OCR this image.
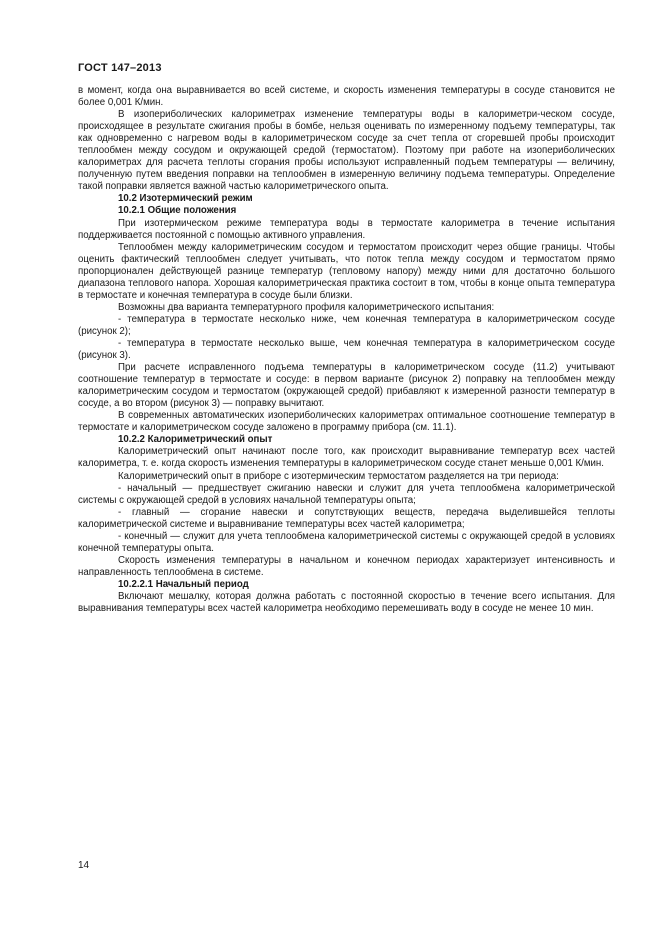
ГОСТ 147–2013

в момент, когда она выравнивается во всей системе, и скорость изменения температуры в сосуде становится не более 0,001 К/мин.

В изопериболических калориметрах изменение температуры воды в калориметри-ческом сосуде, происходящее в результате сжигания пробы в бомбе, нельзя оценивать по измеренному подъему температуры, так как одновременно с нагревом воды в калориметрическом сосуде за счет тепла от сгоревшей пробы происходит теплообмен между сосудом и окружающей средой (термостатом). Поэтому при работе на изопериболических калориметрах для расчета теплоты сгорания пробы используют исправленный подъем температуры — величину, полученную путем введения поправки на теплообмен в измеренную величину подъема температуры. Определение такой поправки является важной частью калориметрического опыта.

10.2 Изотермический режим
10.2.1 Общие положения

При изотермическом режиме температура воды в термостате калориметра в течение испытания поддерживается постоянной с помощью активного управления.

Теплообмен между калориметрическим сосудом и термостатом происходит через общие границы. Чтобы оценить фактический теплообмен следует учитывать, что поток тепла между сосудом и термостатом прямо пропорционален действующей разнице температур (тепловому напору) между ними для достаточно большого диапазона теплового напора. Хорошая калориметрическая практика состоит в том, чтобы в конце опыта температура в термостате и конечная температура в сосуде были близки.

Возможны два варианта температурного профиля калориметрического испытания:

- температура в термостате несколько ниже, чем конечная температура в калориметрическом сосуде (рисунок 2);

- температура в термостате несколько выше, чем конечная температура в калориметрическом сосуде (рисунок 3).

При расчете исправленного подъема температуры в калориметрическом сосуде (11.2) учитывают соотношение температур в термостате и сосуде: в первом варианте (рисунок 2) поправку на теплообмен между калориметрическим сосудом и термостатом (окружающей средой) прибавляют к измеренной разности температур в сосуде, а во втором (рисунок 3) — поправку вычитают.

В современных автоматических изопериболических калориметрах оптимальное соотношение температур в термостате и калориметрическом сосуде заложено в программу прибора (см. 11.1).

10.2.2 Калориметрический опыт

Калориметрический опыт начинают после того, как происходит выравнивание температур всех частей калориметра, т. е. когда скорость изменения температуры в калориметрическом сосуде станет меньше 0,001 К/мин.

Калориметрический опыт в приборе с изотермическим термостатом разделяется на три периода:

- начальный — предшествует сжиганию навески и служит для учета теплообмена калориметрической системы с окружающей средой в условиях начальной температуры опыта;

- главный — сгорание навески и сопутствующих веществ, передача выделившейся теплоты калориметрической системе и выравнивание температуры всех частей калориметра;

- конечный — служит для учета теплообмена калориметрической системы с окружающей средой в условиях конечной температуры опыта.

Скорость изменения температуры в начальном и конечном периодах характеризует интенсивность и направленность теплообмена в системе.

10.2.2.1 Начальный период

Включают мешалку, которая должна работать с постоянной скоростью в течение всего испытания. Для выравнивания температуры всех частей калориметра необходимо перемешивать воду в сосуде не менее 10 мин.

14
